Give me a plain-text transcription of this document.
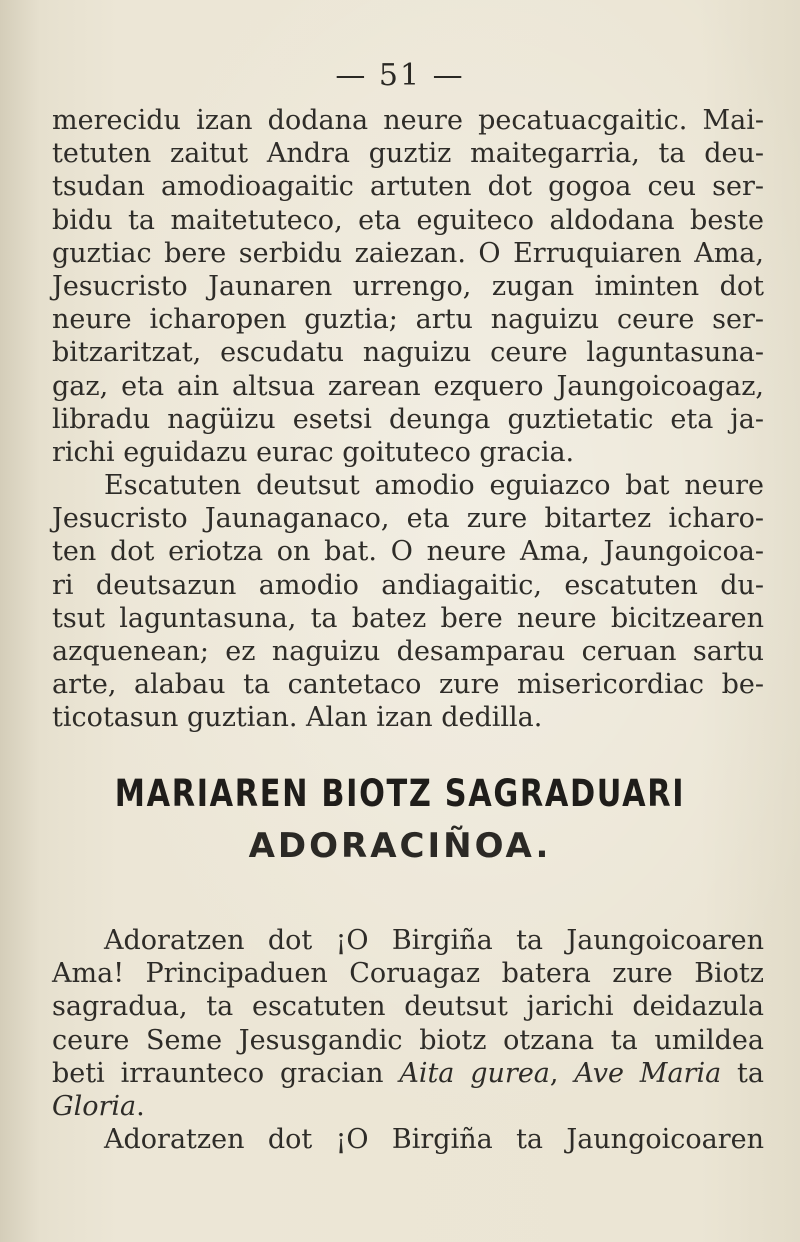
— 51 —
merecidu izan dodana neure pecatuacgaitic. Mai-
tetuten zaitut Andra guztiz maitegarria, ta deu-
tsudan amodioagaitic artuten dot gogoa ceu ser-
bidu ta maitetuteco, eta eguiteco aldodana beste
guztiac bere serbidu zaiezan. O Erruquiaren Ama,
Jesucristo Jaunaren urrengo, zugan iminten dot
neure icharopen guztia; artu naguizu ceure ser-
bitzaritzat, escudatu naguizu ceure laguntasuna-
gaz, eta ain altsua zarean ezquero Jaungoicoagaz,
libradu nagüizu esetsi deunga guztietatic eta ja-
richi eguidazu eurac goituteco gracia.
Escatuten deutsut amodio eguiazco bat neure
Jesucristo Jaunaganaco, eta zure bitartez icharo-
ten dot eriotza on bat. O neure Ama, Jaungoicoa-
ri deutsazun amodio andiagaitic, escatuten du-
tsut laguntasuna, ta batez bere neure bicitzearen
azquenean; ez naguizu desamparau ceruan sartu
arte, alabau ta cantetaco zure misericordiac be-
ticotasun guztian. Alan izan dedilla.
MARIAREN BIOTZ SAGRADUARI
ADORACIÑOA.
Adoratzen dot ¡O Birgiña ta Jaungoicoaren
Ama! Principaduen Coruagaz batera zure Biotz
sagradua, ta escatuten deutsut jarichi deidazula
ceure Seme Jesusgandic biotz otzana ta umildea
beti irraunteco gracian Aita gurea, Ave Maria ta
Gloria.
Adoratzen dot ¡O Birgiña ta Jaungoicoaren
